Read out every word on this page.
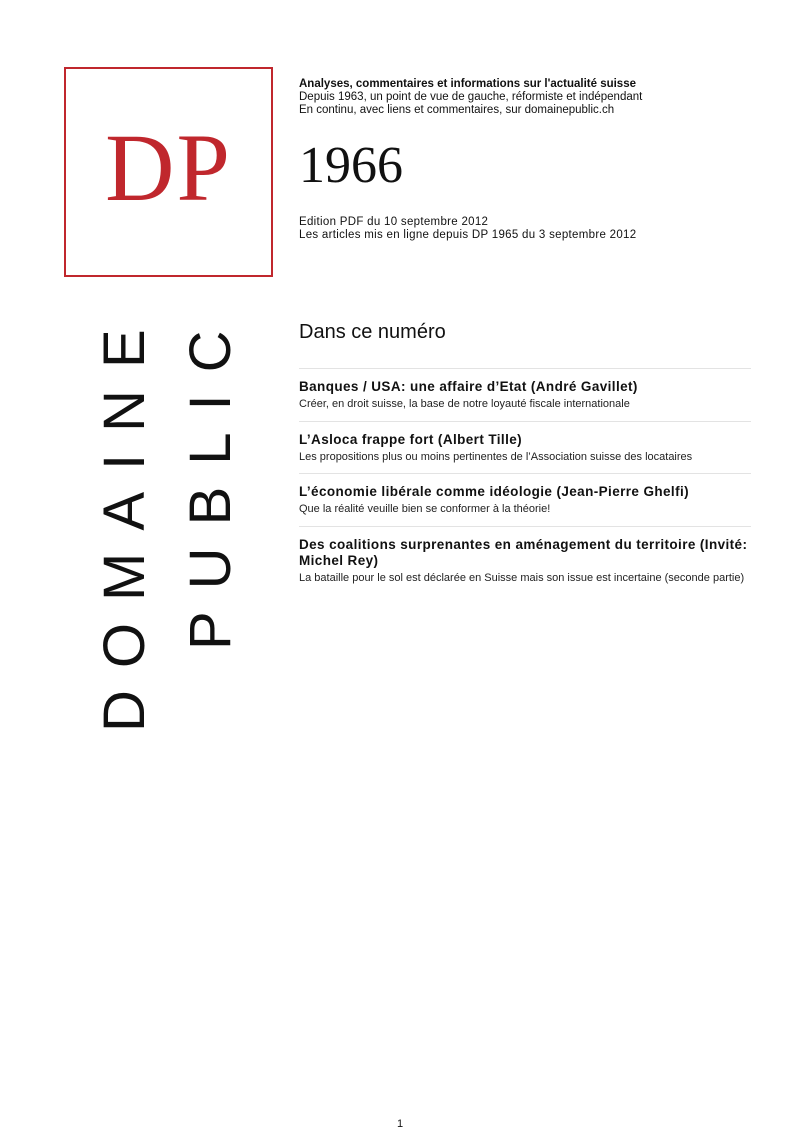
DP
DOMAINE PUBLIC
Analyses, commentaires et informations sur l'actualité suisse
Depuis 1963, un point de vue de gauche, réformiste et indépendant
En continu, avec liens et commentaires, sur domainepublic.ch
1966
Edition PDF du 10 septembre 2012
Les articles mis en ligne depuis DP 1965 du 3 septembre 2012
Dans ce numéro
Banques / USA: une affaire d’Etat (André Gavillet)
Créer, en droit suisse, la base de notre loyauté fiscale internationale
L’Asloca frappe fort (Albert Tille)
Les propositions plus ou moins pertinentes de l’Association suisse des locataires
L’économie libérale comme idéologie (Jean-Pierre Ghelfi)
Que la réalité veuille bien se conformer à la théorie!
Des coalitions surprenantes en aménagement du territoire (Invité: Michel Rey)
La bataille pour le sol est déclarée en Suisse mais son issue est incertaine (seconde partie)
1
